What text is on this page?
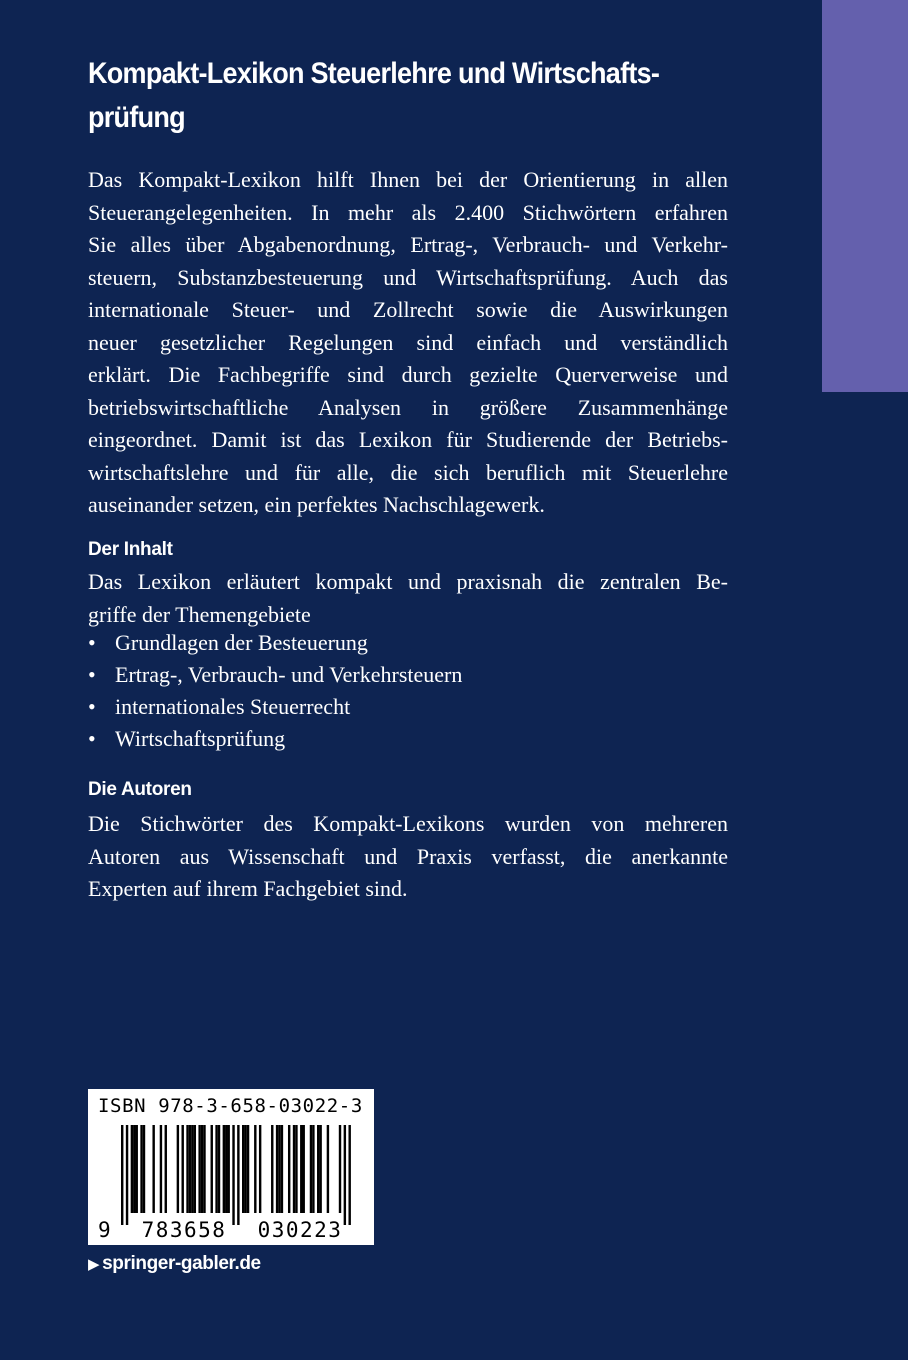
Kompakt-Lexikon Steuerlehre und Wirtschafts-
prüfung

Das Kompakt-Lexikon hilft Ihnen bei der Orientierung in allen
Steuerangelegenheiten. In mehr als 2.400 Stichwörtern erfahren
Sie alles über Abgabenordnung, Ertrag-, Verbrauch- und Verkehr-
steuern, Substanzbesteuerung und Wirtschaftsprüfung. Auch das
internationale Steuer- und Zollrecht sowie die Auswirkungen
neuer gesetzlicher Regelungen sind einfach und verständlich
erklärt. Die Fachbegriffe sind durch gezielte Querverweise und
betriebswirtschaftliche Analysen in größere Zusammenhänge
eingeordnet. Damit ist das Lexikon für Studierende der Betriebs-
wirtschaftslehre und für alle, die sich beruflich mit Steuerlehre
auseinander setzen, ein perfektes Nachschlagewerk.

Der Inhalt

Das Lexikon erläutert kompakt und praxisnah die zentralen Be-
griffe der Themengebiete

• Grundlagen der Besteuerung
• Ertrag-, Verbrauch- und Verkehrsteuern
• internationales Steuerrecht
• Wirtschaftsprüfung
Die Autoren

Die Stichwörter des Kompakt-Lexikons wurden von mehreren
Autoren aus Wissenschaft und Praxis verfasst, die anerkannte
Experten auf ihrem Fachgebiet sind.

ISBN 978-3-658-03022-3
9 783658 030223
▶ springer-gabler.de
